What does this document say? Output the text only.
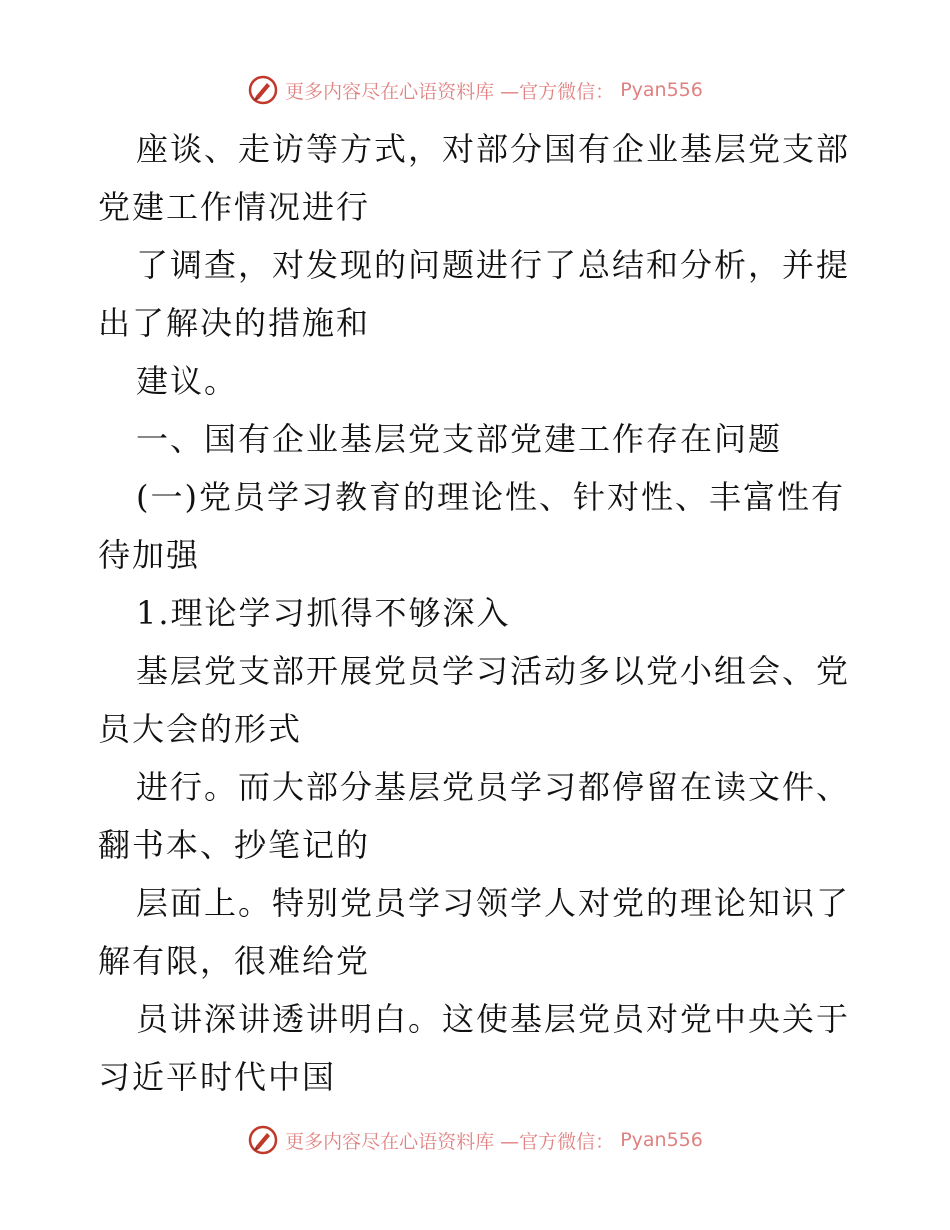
更多内容尽在心语资料库 —官方微信： Pyan556
座谈、走访等方式，对部分国有企业基层党支部
党建工作情况进行
了调查，对发现的问题进行了总结和分析，并提
出了解决的措施和
建议。
一、国有企业基层党支部党建工作存在问题
(一)党员学习教育的理论性、针对性、丰富性有
待加强
1.理论学习抓得不够深入
基层党支部开展党员学习活动多以党小组会、党
员大会的形式
进行。而大部分基层党员学习都停留在读文件、
翻书本、抄笔记的
层面上。特别党员学习领学人对党的理论知识了
解有限，很难给党
员讲深讲透讲明白。这使基层党员对党中央关于
习近平时代中国
更多内容尽在心语资料库 —官方微信： Pyan556
